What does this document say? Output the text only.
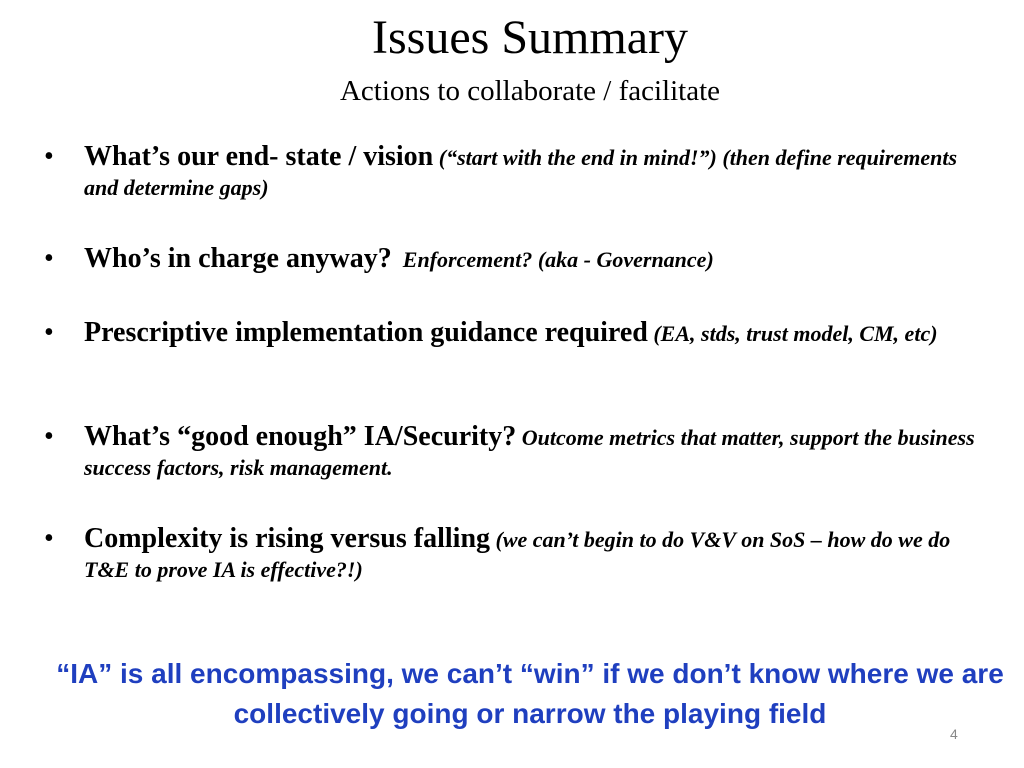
Issues Summary
Actions to collaborate / facilitate
• What’s our end- state / vision (“start with the end in mind!”) (then define requirements and determine gaps)
• Who’s in charge anyway? Enforcement? (aka - Governance)
• Prescriptive implementation guidance required (EA, stds, trust model, CM, etc)
• What’s “good enough” IA/Security? Outcome metrics that matter, support the business success factors, risk management.
• Complexity is rising versus falling (we can’t begin to do V&V on SoS – how do we do T&E to prove IA is effective?!)
“IA” is all encompassing, we can’t “win” if we don’t know where we are collectively going or narrow the playing field
4
